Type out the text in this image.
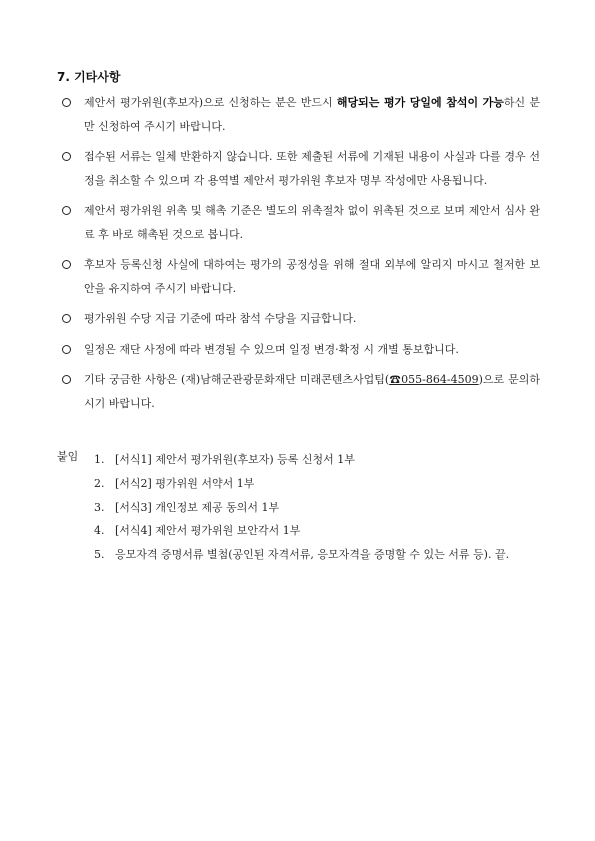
7. 기타사항
제안서 평가위원(후보자)으로 신청하는 분은 반드시 해당되는 평가 당일에 참석이 가능하신 분만 신청하여 주시기 바랍니다.
접수된 서류는 일체 반환하지 않습니다. 또한 제출된 서류에 기재된 내용이 사실과 다를 경우 선정을 취소할 수 있으며 각 용역별 제안서 평가위원 후보자 명부 작성에만 사용됩니다.
제안서 평가위원 위촉 및 해촉 기준은 별도의 위촉절차 없이 위촉된 것으로 보며 제안서 심사 완료 후 바로 해촉된 것으로 봅니다.
후보자 등록신청 사실에 대하여는 평가의 공정성을 위해 절대 외부에 알리지 마시고 철저한 보안을 유지하여 주시기 바랍니다.
평가위원 수당 지급 기준에 따라 참석 수당을 지급합니다.
일정은 재단 사정에 따라 변경될 수 있으며 일정 변경·확정 시 개별 통보합니다.
기타 궁금한 사항은 (재)남해군관광문화재단 미래콘텐츠사업팀(☎055-864-4509)으로 문의하시기 바랍니다.
붙임 1. [서식1] 제안서 평가위원(후보자) 등록 신청서 1부
2. [서식2] 평가위원 서약서 1부
3. [서식3] 개인정보 제공 동의서 1부
4. [서식4] 제안서 평가위원 보안각서 1부
5. 응모자격 증명서류 별첨(공인된 자격서류, 응모자격을 증명할 수 있는 서류 등). 끝.
